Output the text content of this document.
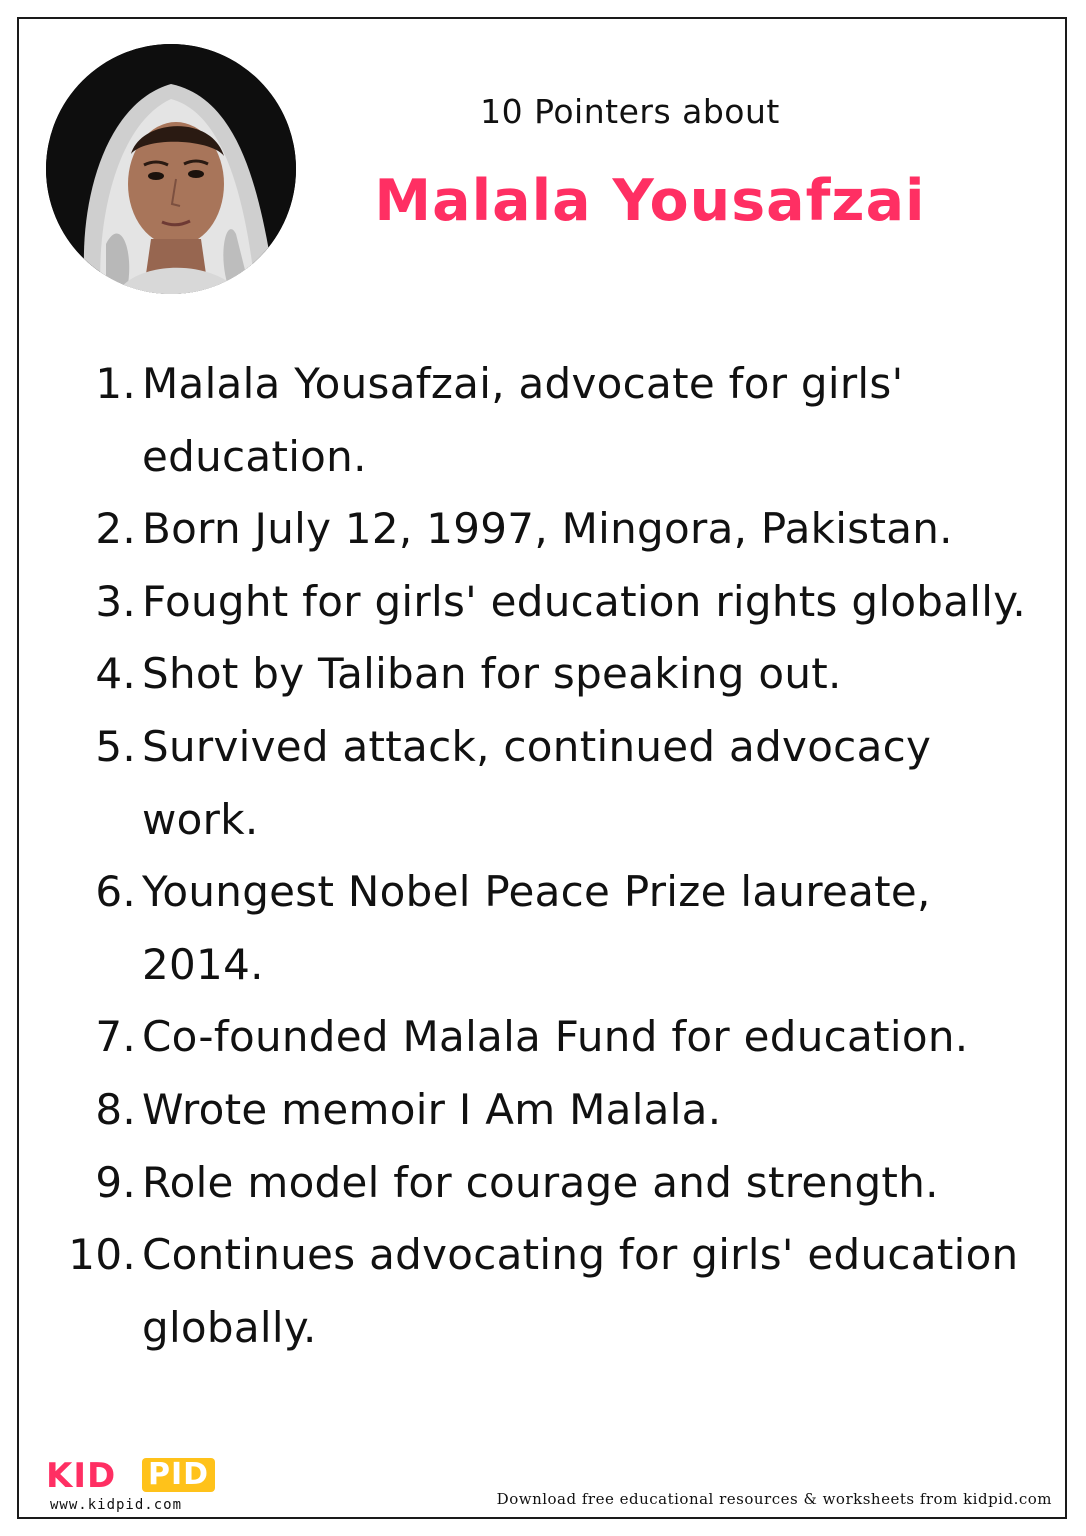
10 Pointers about
Malala Yousafzai
1. Malala Yousafzai, advocate for girls' education.
2. Born July 12, 1997, Mingora, Pakistan.
3. Fought for girls' education rights globally.
4. Shot by Taliban for speaking out.
5. Survived attack, continued advocacy work.
6. Youngest Nobel Peace Prize laureate, 2014.
7. Co-founded Malala Fund for education.
8. Wrote memoir I Am Malala.
9. Role model for courage and strength.
10. Continues advocating for girls' education globally.
KID PID
www.kidpid.com	Download free educational resources & worksheets from kidpid.com
